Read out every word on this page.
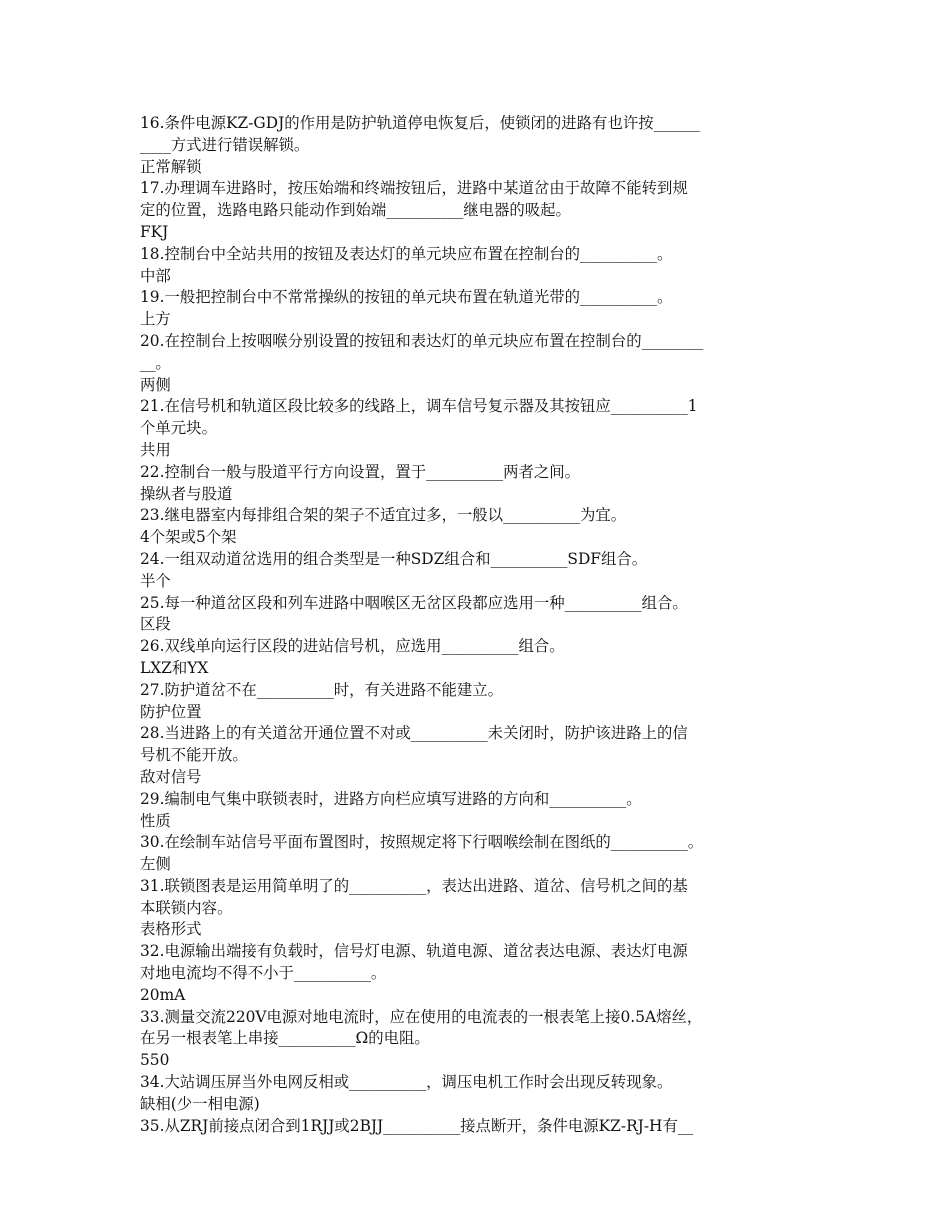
16.条件电源KZ-GDJ的作用是防护轨道停电恢复后，使锁闭的进路有也许按______
____方式进行错误解锁。
正常解锁
17.办理调车进路时，按压始端和终端按钮后，进路中某道岔由于故障不能转到规
定的位置，选路电路只能动作到始端__________继电器的吸起。
FKJ
18.控制台中全站共用的按钮及表达灯的单元块应布置在控制台的__________。
中部
19.一般把控制台中不常常操纵的按钮的单元块布置在轨道光带的__________。
上方
20.在控制台上按咽喉分别设置的按钮和表达灯的单元块应布置在控制台的________
__。
两侧
21.在信号机和轨道区段比较多的线路上，调车信号复示器及其按钮应__________1
个单元块。
共用
22.控制台一般与股道平行方向设置，置于__________两者之间。
操纵者与股道
23.继电器室内每排组合架的架子不适宜过多，一般以__________为宜。
4个架或5个架
24.一组双动道岔选用的组合类型是一种SDZ组合和__________SDF组合。
半个
25.每一种道岔区段和列车进路中咽喉区无岔区段都应选用一种__________组合。
区段
26.双线单向运行区段的进站信号机，应选用__________组合。
LXZ和YX
27.防护道岔不在__________时，有关进路不能建立。
防护位置
28.当进路上的有关道岔开通位置不对或__________未关闭时，防护该进路上的信
号机不能开放。
敌对信号
29.编制电气集中联锁表时，进路方向栏应填写进路的方向和__________。
性质
30.在绘制车站信号平面布置图时，按照规定将下行咽喉绘制在图纸的__________。
左侧
31.联锁图表是运用简单明了的__________，表达出进路、道岔、信号机之间的基
本联锁内容。
表格形式
32.电源输出端接有负载时，信号灯电源、轨道电源、道岔表达电源、表达灯电源
对地电流均不得不小于__________。
20mA
33.测量交流220V电源对地电流时，应在使用的电流表的一根表笔上接0.5A熔丝，
在另一根表笔上串接__________Ω的电阻。
550
34.大站调压屏当外电网反相或__________，调压电机工作时会出现反转现象。
缺相(少一相电源)
35.从ZRJ前接点闭合到1RJJ或2BJJ__________接点断开，条件电源KZ-RJ-H有__
